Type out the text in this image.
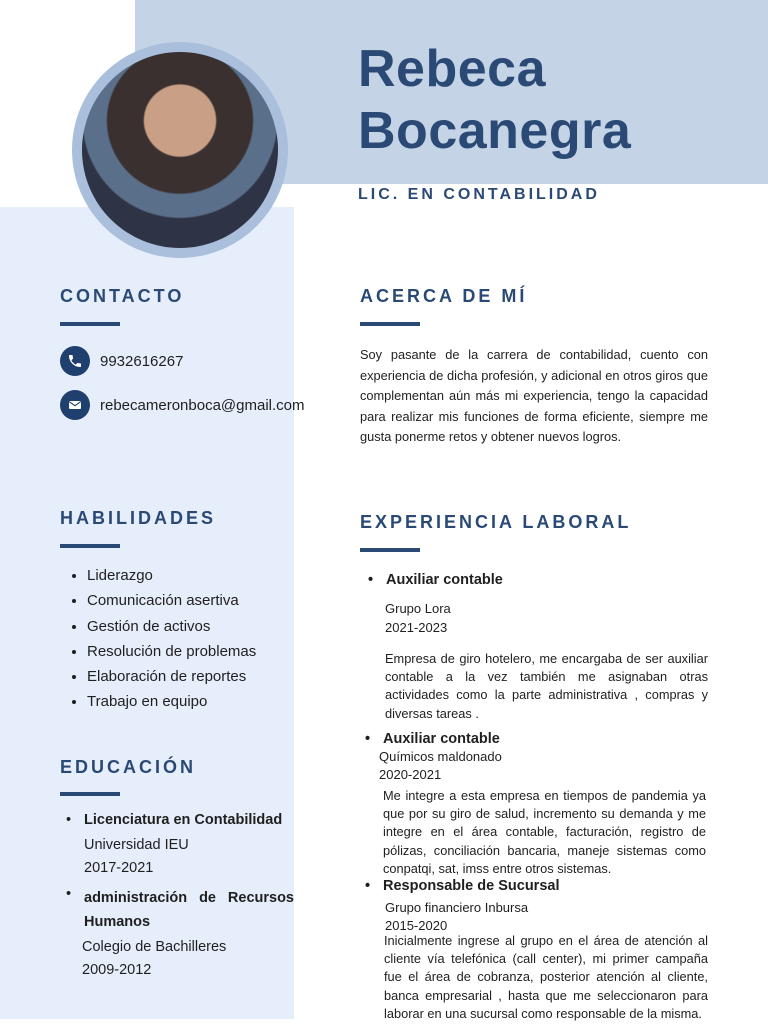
Rebeca
Bocanegra
LIC. EN CONTABILIDAD
CONTACTO
9932616267
rebecameronboca@gmail.com
HABILIDADES
• Liderazgo
• Comunicación asertiva
• Gestión de activos
• Resolución de problemas
• Elaboración de reportes
• Trabajo en equipo
EDUCACIÓN
• Licenciatura en Contabilidad
Universidad IEU
2017-2021
• administración de Recursos Humanos
Colegio de Bachilleres
2009-2012
ACERCA DE MÍ
Soy pasante de la carrera de contabilidad, cuento con experiencia de dicha profesión, y adicional en otros giros que complementan aún más mi experiencia, tengo la capacidad para realizar mis funciones de forma eficiente, siempre me gusta ponerme retos y obtener nuevos logros.
EXPERIENCIA LABORAL
• Auxiliar contable
Grupo Lora
2021-2023
Empresa de giro hotelero, me encargaba de ser auxiliar contable a la vez también me asignaban otras actividades como la parte administrativa , compras y diversas tareas .
• Auxiliar contable
Químicos maldonado
2020-2021
Me integre a esta empresa en tiempos de pandemia ya que por su giro de salud, incremento su demanda y me integre en el área contable, facturación, registro de pólizas, conciliación bancaria, maneje sistemas como conpatqi, sat, imss entre otros sistemas.
• Responsable de Sucursal
Grupo financiero Inbursa
2015-2020
Inicialmente ingrese al grupo en el área de atención al cliente vía telefónica (call center), mi primer campaña fue el área de cobranza, posterior atención al cliente, banca empresarial , hasta que me seleccionaron para laborar en una sucursal como responsable de la misma.
